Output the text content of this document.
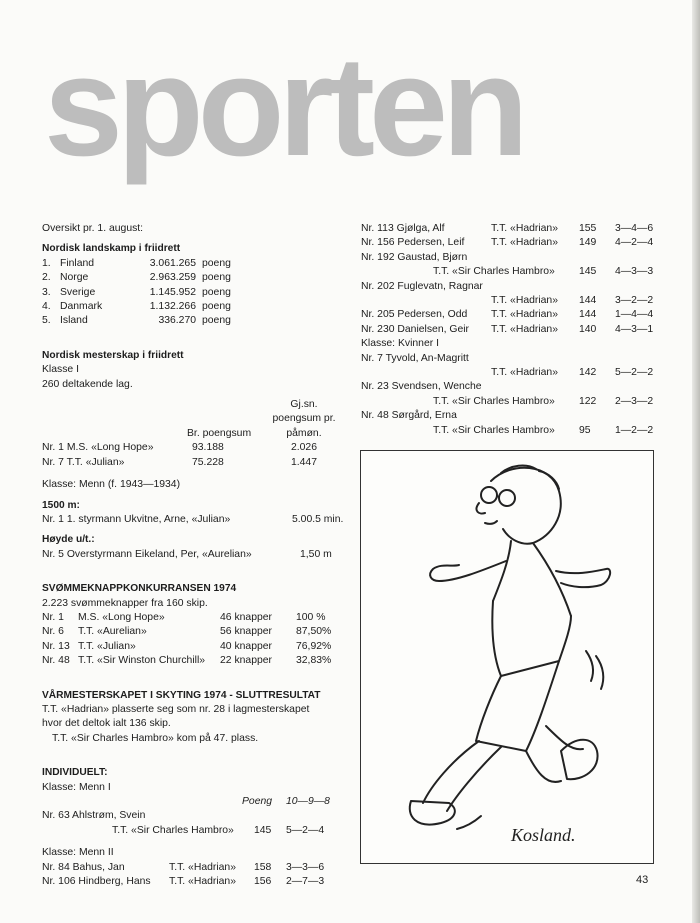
sporten
Oversikt pr. 1. august:
Nordisk landskamp i friidrett
1. Finland	3.061.265 poeng
2. Norge	2.963.259 poeng
3. Sverige	1.145.952 poeng
4. Danmark	1.132.266 poeng
5. Island	336.270 poeng
Nordisk mesterskap i friidrett
Klasse I
260 deltakende lag.
Gj.sn.
poengsum pr.
Br. poengsum	påmøn.
Nr. 1 M.S. «Long Hope»	93.188	2.026
Nr. 7 T.T. «Julian»	75.228	1.447
Klasse: Menn (f. 1943—1934)
1500 m:
Nr. 1 1. styrmann Ukvitne, Arne, «Julian»	5.00.5 min.
Høyde u/t.:
Nr. 5 Overstyrmann Eikeland, Per, «Aurelian»	1,50 m
SVØMMEKNAPPKONKURRANSEN 1974
2.223 svømmeknapper fra 160 skip.
Nr. 1	M.S. «Long Hope»	46 knapper	100 %
Nr. 6	T.T. «Aurelian»	56 knapper	87,50%
Nr. 13 T.T. «Julian»	40 knapper	76,92%
Nr. 48 T.T. «Sir Winston Churchill»	22 knapper	32,83%
VÅRMESTERSKAPET I SKYTING 1974 - SLUTTRESULTAT
T.T. «Hadrian» plasserte seg som nr. 28 i lagmesterskapet
hvor det deltok ialt 136 skip.
T.T. «Sir Charles Hambro» kom på 47. plass.
INDIVIDUELT:
Klasse: Menn I
Poeng	10—9—8
Nr. 63 Ahlstrøm, Svein
T.T. «Sir Charles Hambro»	145	5—2—4
Klasse: Menn II
Nr. 84 Bahus, Jan	T.T. «Hadrian»	158	3—3—6
Nr. 106 Hindberg, Hans	T.T. «Hadrian»	156	2—7—3
Nr. 113 Gjølga, Alf	T.T. «Hadrian»	155	3—4—6
Nr. 156 Pedersen, Leif	T.T. «Hadrian»	149	4—2—4
Nr. 192 Gaustad, Bjørn
T.T. «Sir Charles Hambro»	145	4—3—3
Nr. 202 Fuglevatn, Ragnar
T.T. «Hadrian»	144	3—2—2
Nr. 205 Pedersen, Odd	T.T. «Hadrian»	144	1—4—4
Nr. 230 Danielsen, Geir	T.T. «Hadrian»	140	4—3—1
Klasse: Kvinner I
Nr. 7 Tyvold, An-Magritt
T.T. «Hadrian»	142	5—2—2
Nr. 23 Svendsen, Wenche
T.T. «Sir Charles Hambro»	122	2—3—2
Nr. 48 Sørgård, Erna
T.T. «Sir Charles Hambro»	95	1—2—2
Kosland.
43
